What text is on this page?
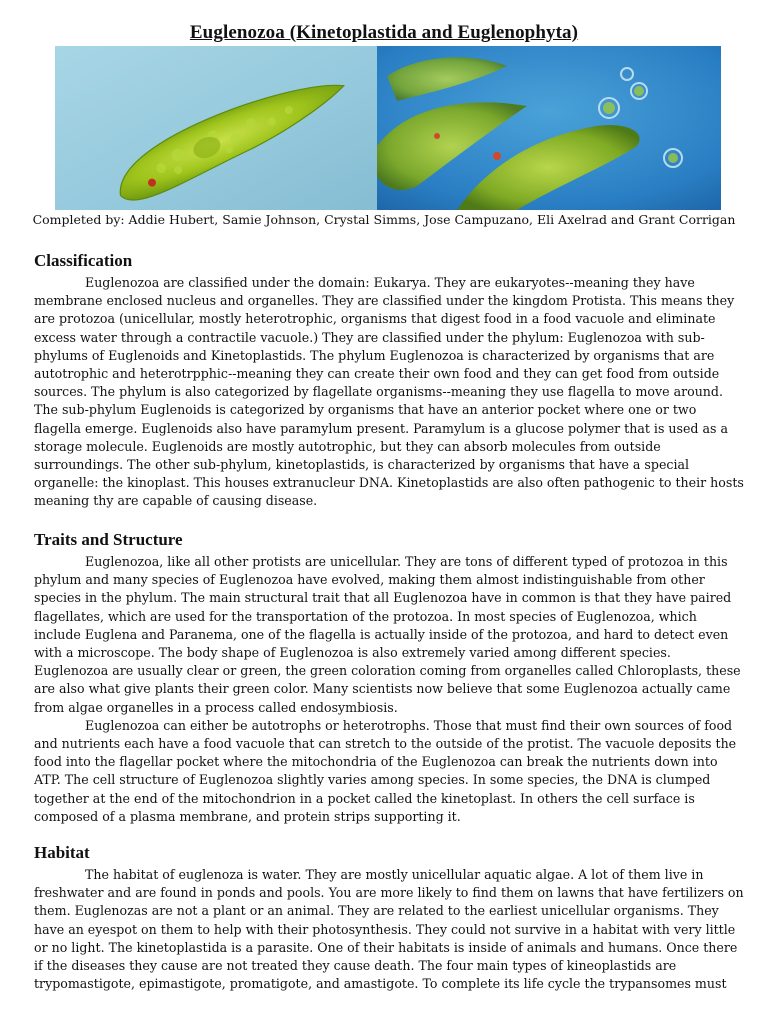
Euglenozoa (Kinetoplastida and Euglenophyta)
Completed by: Addie Hubert, Samie Johnson, Crystal Simms, Jose Campuzano, Eli Axelrad and Grant Corrigan
Classification

Euglenozoa are classified under the domain: Eukarya. They are eukaryotes--meaning they have membrane enclosed nucleus and organelles. They are classified under the kingdom Protista. This means they are protozoa (unicellular, mostly heterotrophic, organisms that digest food in a food vacuole and eliminate excess water through a contractile vacuole.) They are classified under the phylum: Euglenozoa with sub-phylums of Euglenoids and Kinetoplastids. The phylum Euglenozoa is characterized by organisms that are autotrophic and heterotrpphic--meaning they can create their own food and they can get food from outside sources. The phylum is also categorized by flagellate organisms--meaning they use flagella to move around. The sub-phylum Euglenoids is categorized by organisms that have an anterior pocket where one or two flagella emerge. Euglenoids also have paramylum present. Paramylum is a glucose polymer that is used as a storage molecule. Euglenoids are mostly autotrophic, but they can absorb molecules from outside surroundings. The other sub-phylum, kinetoplastids, is characterized by organisms that have a special organelle: the kinoplast. This houses extranucleur DNA. Kinetoplastids are also often pathogenic to their hosts meaning thy are capable of causing disease.

Traits and Structure

Euglenozoa, like all other protists are unicellular. They are tons of different typed of protozoa in this phylum and many species of Euglenozoa have evolved, making them almost indistinguishable from other species in the phylum. The main structural trait that all Euglenozoa have in common is that they have paired flagellates, which are used for the transportation of the protozoa. In most species of Euglenozoa, which include Euglena and Paranema, one of the flagella is actually inside of the protozoa, and hard to detect even with a microscope. The body shape of Euglenozoa is also extremely varied among different species. Euglenozoa are usually clear or green, the green coloration coming from organelles called Chloroplasts, these are also what give plants their green color. Many scientists now believe that some Euglenozoa actually came from algae organelles in a process called endosymbiosis.

Euglenozoa can either be autotrophs or heterotrophs. Those that must find their own sources of food and nutrients each have a food vacuole that can stretch to the outside of the protist. The vacuole deposits the food into the flagellar pocket where the mitochondria of the Euglenozoa can break the nutrients down into ATP. The cell structure of Euglenozoa slightly varies among species. In some species, the DNA is clumped together at the end of the mitochondrion in a pocket called the kinetoplast. In others the cell surface is composed of a plasma membrane, and protein strips supporting it.

Habitat

The habitat of euglenoza is water. They are mostly unicellular aquatic algae. A lot of them live in freshwater and are found in ponds and pools. You are more likely to find them on lawns that have fertilizers on them. Euglenozas are not a plant or an animal. They are related to the earliest unicellular organisms. They have an eyespot on them to help with their photosynthesis. They could not survive in a habitat with very little or no light. The kinetoplastida is a parasite. One of their habitats is inside of animals and humans. Once there if the diseases they cause are not treated they cause death. The four main types of kineoplastids are trypomastigote, epimastigote, promatigote, and amastigote. To complete its life cycle the trypansomes must
